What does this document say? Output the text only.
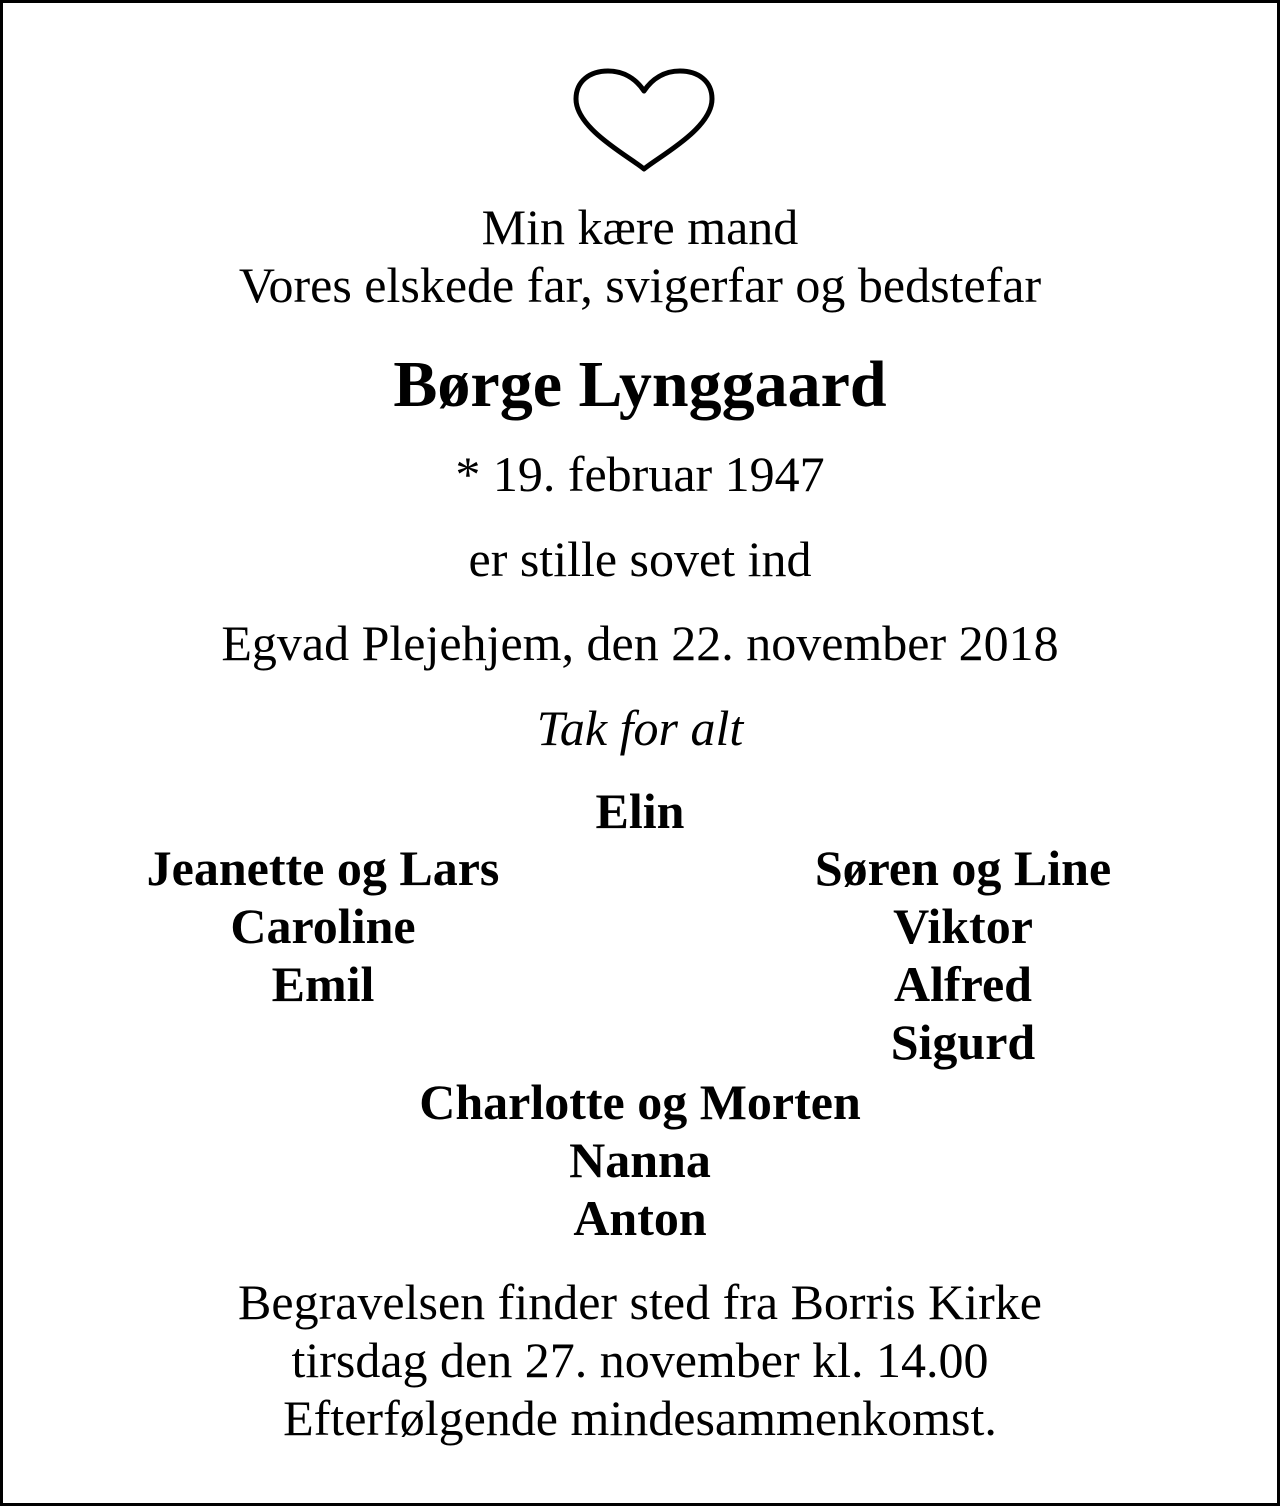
Min kære mand
Vores elskede far, svigerfar og bedstefar
Børge Lynggaard
* 19. februar 1947
er stille sovet ind
Egvad Plejehjem, den 22. november 2018
Tak for alt
Elin
Jeanette og Lars
Caroline
Emil
Søren og Line
Viktor
Alfred
Sigurd
Charlotte og Morten
Nanna
Anton
Begravelsen finder sted fra Borris Kirke
tirsdag den 27. november kl. 14.00
Efterfølgende mindesammenkomst.
